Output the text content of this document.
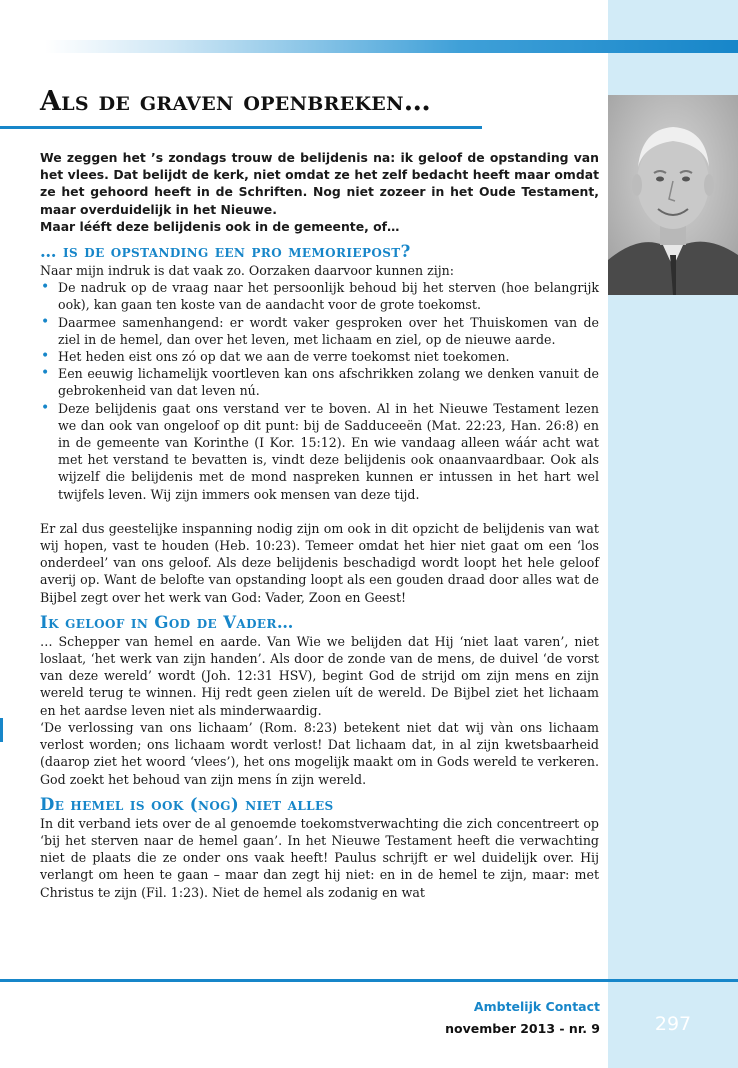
Als de graven openbreken…

We zeggen het ’s zondags trouw de belijdenis na: ik geloof de opstanding van het vlees. Dat belijdt de kerk, niet omdat ze het zelf bedacht heeft maar omdat ze het gehoord heeft in de Schriften. Nog niet zozeer in het Oude Testament, maar overduidelijk in het Nieuwe.

Maar lééft deze belijdenis ook in de gemeente, of…

… is de opstanding een pro memoriepost?

Naar mijn indruk is dat vaak zo. Oorzaken daarvoor kunnen zijn:

• De nadruk op de vraag naar het persoonlijk behoud bij het sterven (hoe belangrijk ook), kan gaan ten koste van de aandacht voor de grote toekomst.
• Daarmee samenhangend: er wordt vaker gesproken over het Thuiskomen van de ziel in de hemel, dan over het leven, met lichaam en ziel, op de nieuwe aarde.
• Het heden eist ons zó op dat we aan de verre toekomst niet toekomen.
• Een eeuwig lichamelijk voortleven kan ons afschrikken zolang we denken vanuit de gebrokenheid van dat leven nú.
• Deze belijdenis gaat ons verstand ver te boven. Al in het Nieuwe Testament lezen we dan ook van ongeloof op dit punt: bij de Sadduceeën (Mat. 22:23, Han. 26:8) en in de gemeente van Korinthe (I Kor. 15:12). En wie vandaag alleen wáár acht wat met het verstand te bevatten is, vindt deze belijdenis ook onaanvaardbaar. Ook als wijzelf die belijdenis met de mond naspreken kunnen er intussen in het hart wel twijfels leven. Wij zijn immers ook mensen van deze tijd.

Er zal dus geestelijke inspanning nodig zijn om ook in dit opzicht de belijdenis van wat wij hopen, vast te houden (Heb. 10:23). Temeer omdat het hier niet gaat om een ‘los onderdeel’ van ons geloof. Als deze belijdenis beschadigd wordt loopt het hele geloof averij op. Want de belofte van opstanding loopt als een gouden draad door alles wat de Bijbel zegt over het werk van God: Vader, Zoon en Geest!

Ik geloof in God de Vader…

… Schepper van hemel en aarde. Van Wie we belijden dat Hij ‘niet laat varen’, niet loslaat, ‘het werk van zijn handen’. Als door de zonde van de mens, de duivel ‘de vorst van deze wereld’ wordt (Joh. 12:31 HSV), begint God de strijd om zijn mens en zijn wereld terug te winnen. Hij redt geen zielen uít de wereld. De Bijbel ziet het lichaam en het aardse leven niet als minderwaardig.

‘De verlossing van ons lichaam’ (Rom. 8:23) betekent niet dat wij vàn ons lichaam verlost worden; ons lichaam wordt verlost! Dat lichaam dat, in al zijn kwetsbaarheid (daarop ziet het woord ‘vlees’), het ons mogelijk maakt om in Gods wereld te verkeren. God zoekt het behoud van zijn mens ín zijn wereld.

De hemel is ook (nog) niet alles

In dit verband iets over de al genoemde toekomstverwachting die zich concentreert op ‘bij het sterven naar de hemel gaan’. In het Nieuwe Testament heeft die verwachting niet de plaats die ze onder ons vaak heeft! Paulus schrijft er wel duidelijk over. Hij verlangt om heen te gaan – maar dan zegt hij niet: en in de hemel te zijn, maar: met Christus te zijn (Fil. 1:23). Niet de hemel als zodanig en wat

Ambtelijk Contact
november 2013 - nr. 9	297
